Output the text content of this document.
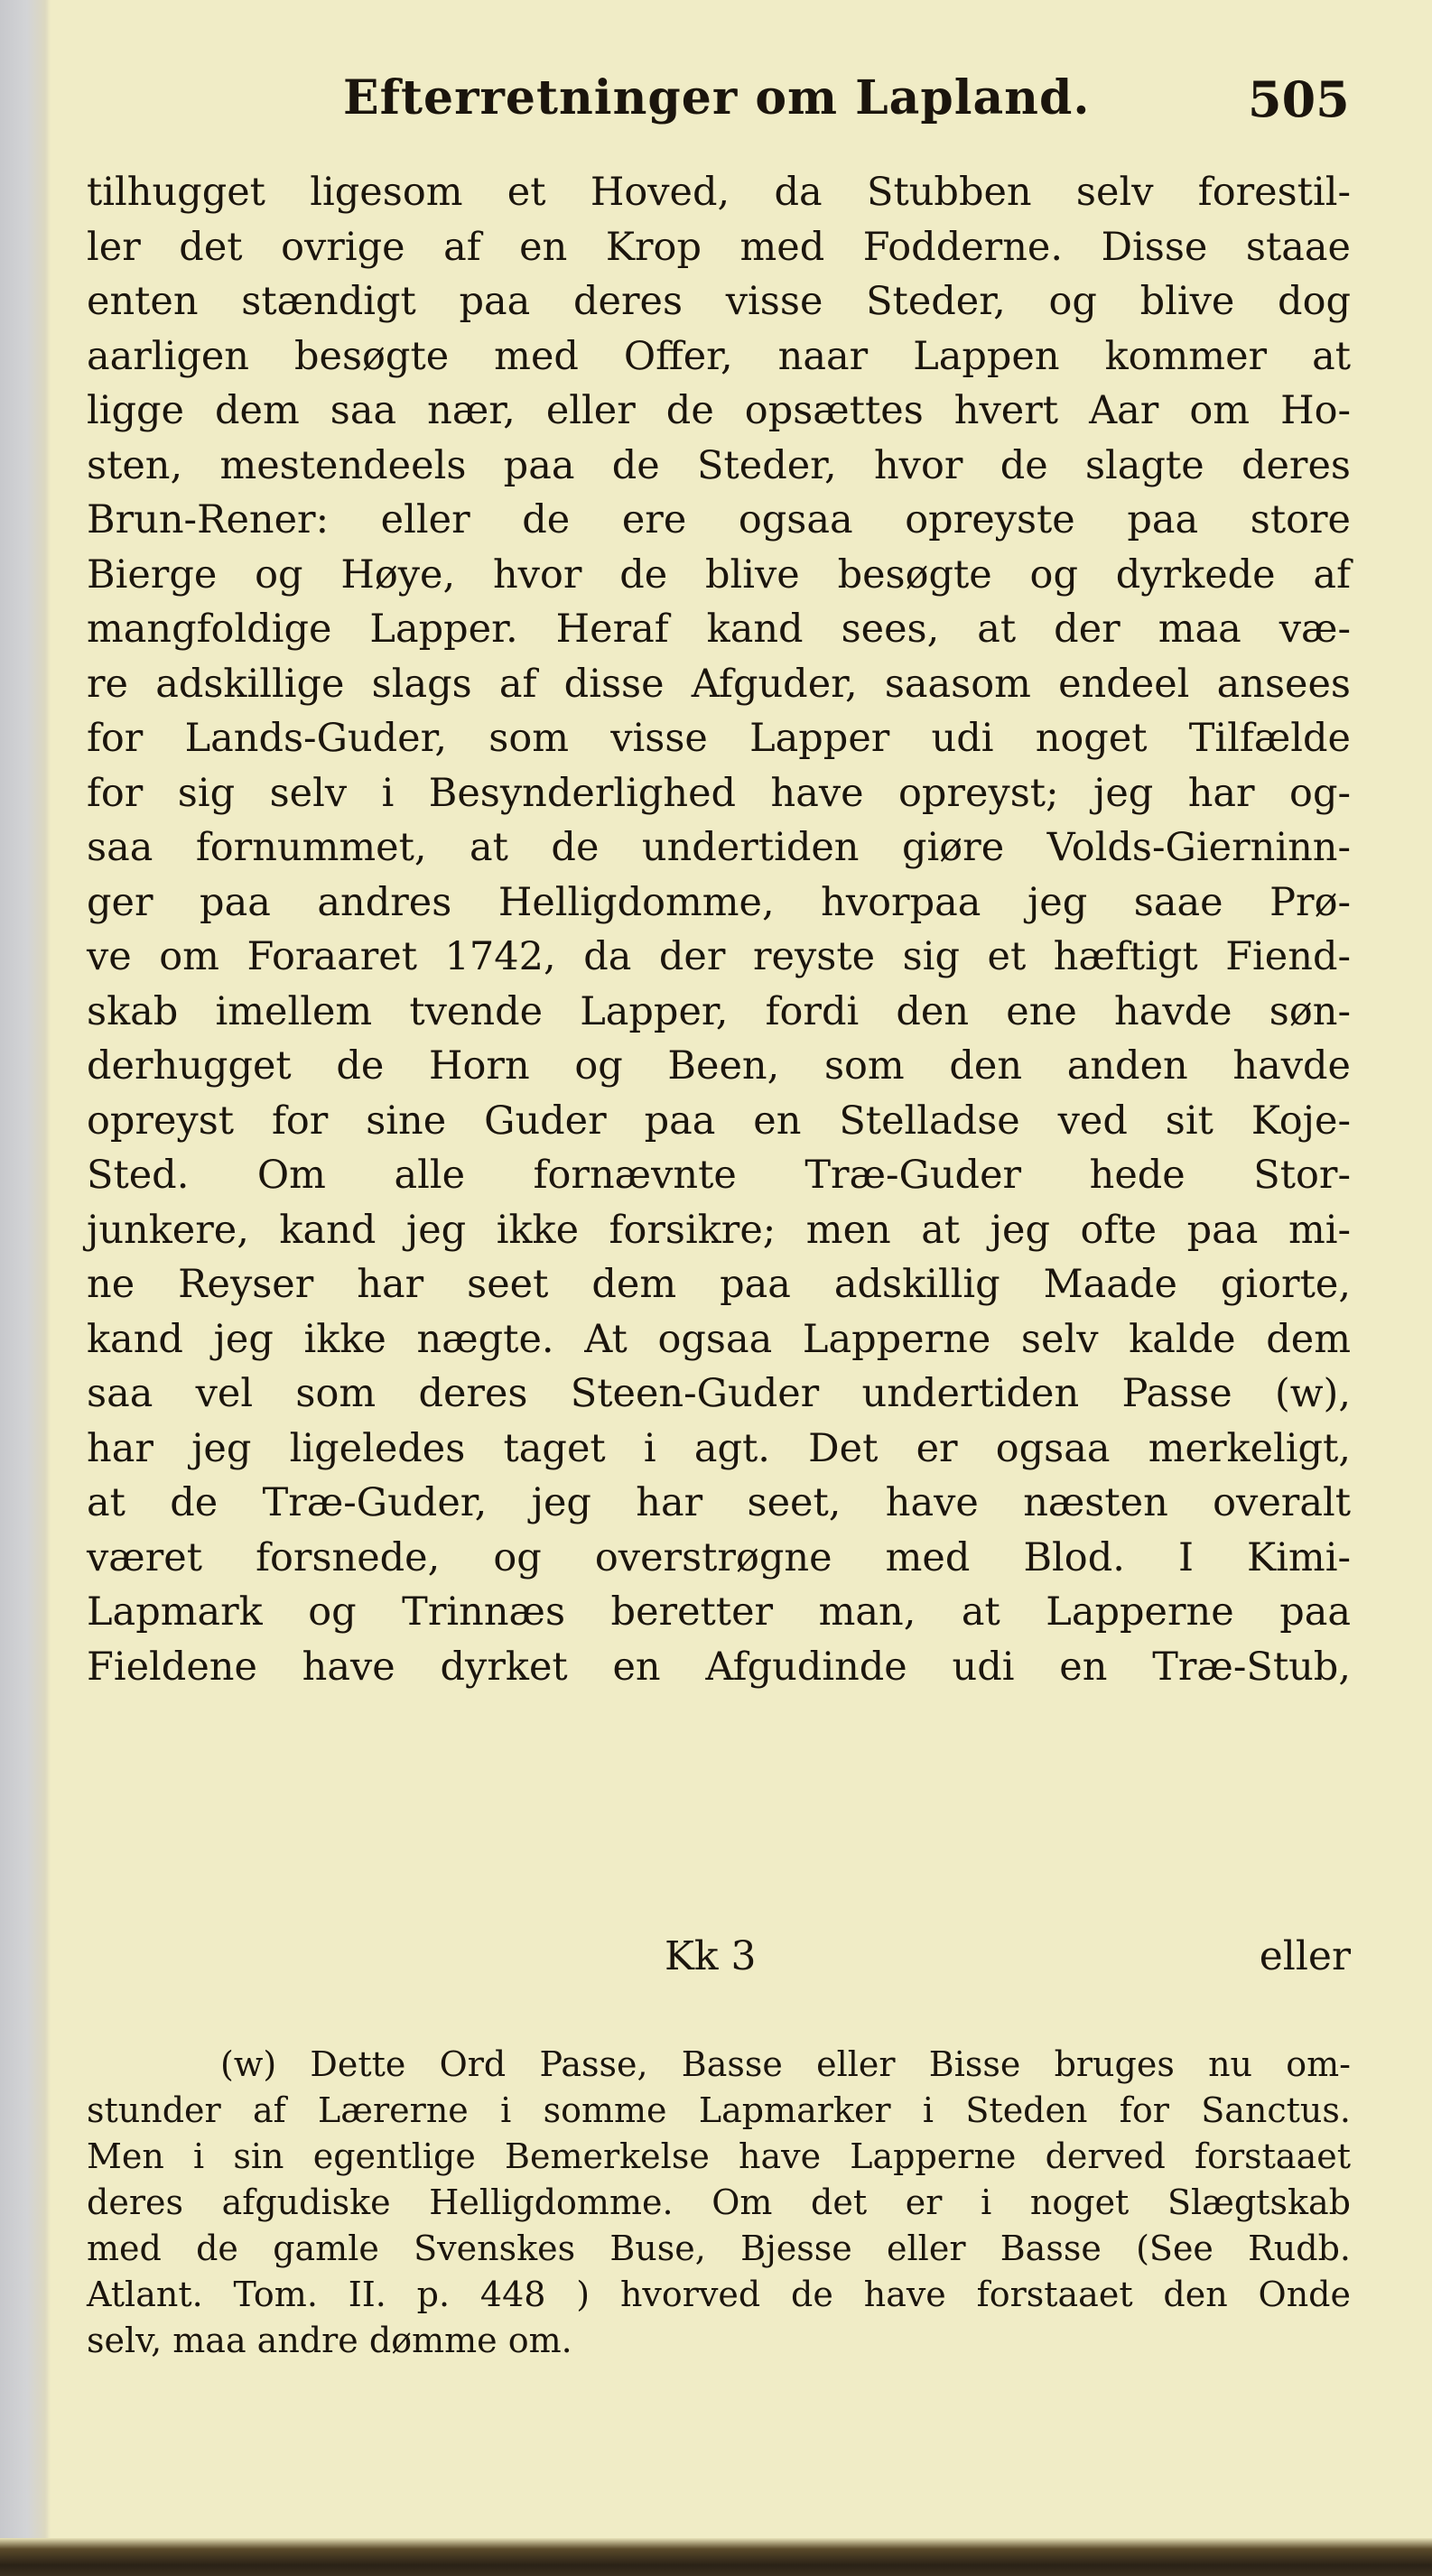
Efterretninger om Lapland.	505
tilhugget ligesom et Hoved, da Stubben selv forestil-
ler det ovrige af en Krop med Fodderne. Disse staae
enten stændigt paa deres visse Steder, og blive dog
aarligen besøgte med Offer, naar Lappen kommer at
ligge dem saa nær, eller de opsættes hvert Aar om Ho-
sten, mestendeels paa de Steder, hvor de slagte deres
Brun-Rener: eller de ere ogsaa opreyste paa store
Bierge og Høye, hvor de blive besøgte og dyrkede af
mangfoldige Lapper. Heraf kand sees, at der maa væ-
re adskillige slags af disse Afguder, saasom endeel ansees
for Lands-Guder, som visse Lapper udi noget Tilfælde
for sig selv i Besynderlighed have opreyst; jeg har og-
saa fornummet, at de undertiden giøre Volds-Gierninn-
ger paa andres Helligdomme, hvorpaa jeg saae Prø-
ve om Foraaret 1742, da der reyste sig et hæftigt Fiend-
skab imellem tvende Lapper, fordi den ene havde søn-
derhugget de Horn og Been, som den anden havde
opreyst for sine Guder paa en Stelladse ved sit Koje-
Sted. Om alle fornævnte Træ-Guder hede Stor-
junkere, kand jeg ikke forsikre; men at jeg ofte paa mi-
ne Reyser har seet dem paa adskillig Maade giorte,
kand jeg ikke nægte. At ogsaa Lapperne selv kalde dem
saa vel som deres Steen-Guder undertiden Passe (w),
har jeg ligeledes taget i agt. Det er ogsaa merkeligt,
at de Træ-Guder, jeg har seet, have næsten overalt
været forsnede, og overstrøgne med Blod. I Kimi-
Lapmark og Trinnæs beretter man, at Lapperne paa
Fieldene have dyrket en Afgudinde udi en Træ-Stub,
Kk 3	eller
(w) Dette Ord Passe, Basse eller Bisse bruges nu om-
stunder af Lærerne i somme Lapmarker i Steden for Sanctus.
Men i sin egentlige Bemerkelse have Lapperne derved forstaaet
deres afgudiske Helligdomme. Om det er i noget Slægtskab
med de gamle Svenskes Buse, Bjesse eller Basse (See Rudb.
Atlant. Tom. II. p. 448 ) hvorved de have forstaaet den Onde
selv, maa andre dømme om.
